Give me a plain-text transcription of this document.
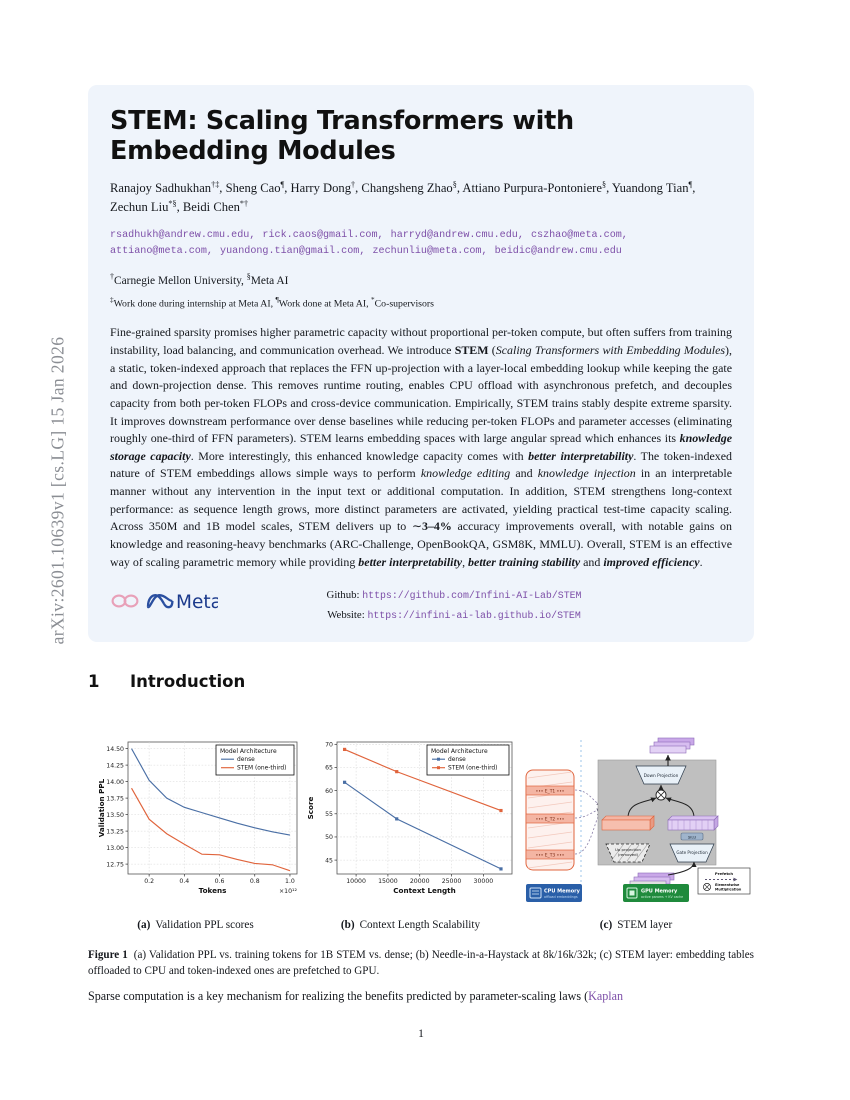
arXiv:2601.10639v1 [cs.LG] 15 Jan 2026
STEM: Scaling Transformers with Embedding Modules

Ranajoy Sadhukhan†‡, Sheng Cao¶, Harry Dong†, Changsheng Zhao§, Attiano Purpura-Pontoniere§, Yuandong Tian¶, Zechun Liu*§, Beidi Chen*†

rsadhukh@andrew.cmu.edu, rick.caos@gmail.com, harryd@andrew.cmu.edu, cszhao@meta.com,
attiano@meta.com, yuandong.tian@gmail.com, zechunliu@meta.com, beidic@andrew.cmu.edu

†Carnegie Mellon University, §Meta AI

‡Work done during internship at Meta AI, ¶Work done at Meta AI, *Co-supervisors

Fine-grained sparsity promises higher parametric capacity without proportional per-token compute, but often suffers from training instability, load balancing, and communication overhead. We introduce STEM (Scaling Transformers with Embedding Modules), a static, token-indexed approach that replaces the FFN up-projection with a layer-local embedding lookup while keeping the gate and down-projection dense. This removes runtime routing, enables CPU offload with asynchronous prefetch, and decouples capacity from both per-token FLOPs and cross-device communication. Empirically, STEM trains stably despite extreme sparsity. It improves downstream performance over dense baselines while reducing per-token FLOPs and parameter accesses (eliminating roughly one-third of FFN parameters). STEM learns embedding spaces with large angular spread which enhances its knowledge storage capacity. More interestingly, this enhanced knowledge capacity comes with better interpretability. The token-indexed nature of STEM embeddings allows simple ways to perform knowledge editing and knowledge injection in an interpretable manner without any intervention in the input text or additional computation. In addition, STEM strengthens long-context performance: as sequence length grows, more distinct parameters are activated, yielding practical test-time capacity scaling. Across 350M and 1B model scales, STEM delivers up to ∼3–4% accuracy improvements overall, with notable gains on knowledge and reasoning-heavy benchmarks (ARC-Challenge, OpenBookQA, GSM8K, MMLU). Overall, STEM is an effective way of scaling parametric memory while providing better interpretability, better training stability and improved efficiency.

Meta	Github: https://github.com/Infini-AI-Lab/STEM
Website: https://infini-ai-lab.github.io/STEM
1 Introduction
0.2	0.4	0.6	0.8	1.0
12.75
13.00
13.25
13.50
13.75
14.00
14.25
14.50
Tokens
Validation PPL
×10¹²
Model Architecture
dense
STEM (one-third)
10000 15000 20000 25000 30000
45
50
55
60
65
70
Context Length
Score
Model Architecture
dense
STEM (one-third)
••• E_T1 •••
••• E_T2 •••
••• E_T3 •••
Down Projection
SiLU
Up projection
(removed)	Gate Projection
CPU Memory
offload embeddings
GPU Memory
active params + KV cache
Prefetch
Elementwise
Multiplication
(a) Validation PPL scores	(b) Context Length Scalability	(c) STEM layer
Figure 1 (a) Validation PPL vs. training tokens for 1B STEM vs. dense; (b) Needle-in-a-Haystack at 8k/16k/32k; (c) STEM layer: embedding tables offloaded to CPU and token-indexed ones are prefetched to GPU.
Sparse computation is a key mechanism for realizing the benefits predicted by parameter-scaling laws (Kaplan
1
